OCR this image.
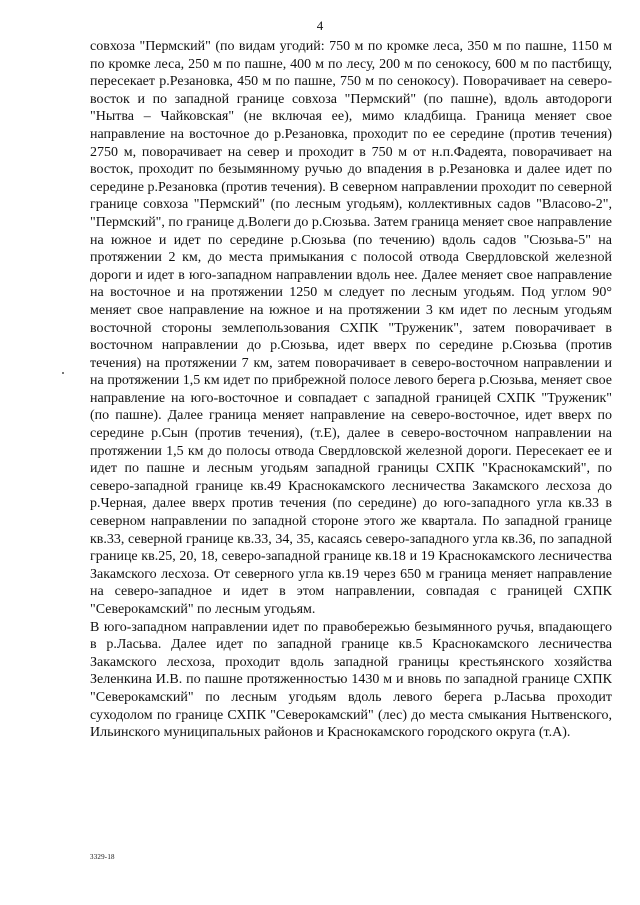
4

совхоза "Пермский" (по видам угодий: 750 м по кромке леса, 350 м по пашне, 1150 м по кромке леса, 250 м по пашне, 400 м по лесу, 200 м по сенокосу, 600 м по пастбищу, пересекает р.Резановка, 450 м по пашне, 750 м по сенокосу). Поворачивает на северо-восток и по западной границе совхоза "Пермский" (по пашне), вдоль автодороги "Нытва – Чайковская" (не включая ее), мимо кладбища. Граница меняет свое направление на восточное до р.Резановка, проходит по ее середине (против течения) 2750 м, поворачивает на север и проходит в 750 м от н.п.Фадеята, поворачивает на восток, проходит по безымянному ручью до впадения в р.Резановка и далее идет по середине р.Резановка (против течения). В северном направлении проходит по северной границе совхоза "Пермский" (по лесным угодьям), коллективных садов "Власово-2", "Пермский", по границе д.Волеги до р.Сюзьва. Затем граница меняет свое направление на южное и идет по середине р.Сюзьва (по течению) вдоль садов "Сюзьва-5" на протяжении 2 км, до места примыкания с полосой отвода Свердловской железной дороги и идет в юго-западном направлении вдоль нее. Далее меняет свое направление на восточное и на протяжении 1250 м следует по лесным угодьям. Под углом 90° меняет свое направление на южное и на протяжении 3 км идет по лесным угодьям восточной стороны землепользования СХПК "Труженик", затем поворачивает в восточном направлении до р.Сюзьва, идет вверх по середине р.Сюзьва (против течения) на протяжении 7 км, затем поворачивает в северо-восточном направлении и на протяжении 1,5 км идет по прибрежной полосе левого берега р.Сюзьва, меняет свое направление на юго-восточное и совпадает с западной границей СХПК "Труженик" (по пашне). Далее граница меняет направление на северо-восточное, идет вверх по середине р.Сын (против течения), (т.Е), далее в северо-восточном направлении на протяжении 1,5 км до полосы отвода Свердловской железной дороги. Пересекает ее и идет по пашне и лесным угодьям западной границы СХПК "Краснокамский", по северо-западной границе кв.49 Краснокамского лесничества Закамского лесхоза до р.Черная, далее вверх против течения (по середине) до юго-западного угла кв.33 в северном направлении по западной стороне этого же квартала. По западной границе кв.33, северной границе кв.33, 34, 35, касаясь северо-западного угла кв.36, по западной границе кв.25, 20, 18, северо-западной границе кв.18 и 19 Краснокамского лесничества Закамского лесхоза. От северного угла кв.19 через 650 м граница меняет направление на северо-западное и идет в этом направлении, совпадая с границей СХПК "Северокамский" по лесным угодьям.

В юго-западном направлении идет по правобережью безымянного ручья, впадающего в р.Ласьва. Далее идет по западной границе кв.5 Краснокамского лесничества Закамского лесхоза, проходит вдоль западной границы крестьянского хозяйства Зеленкина И.В. по пашне протяженностью 1430 м и вновь по западной границе СХПК "Северокамский" по лесным угодьям вдоль левого берега р.Ласьва проходит суходолом по границе СХПК "Северокамский" (лес) до места смыкания Нытвенского, Ильинского муниципальных районов и Краснокамского городского округа (т.А).

3329-18
